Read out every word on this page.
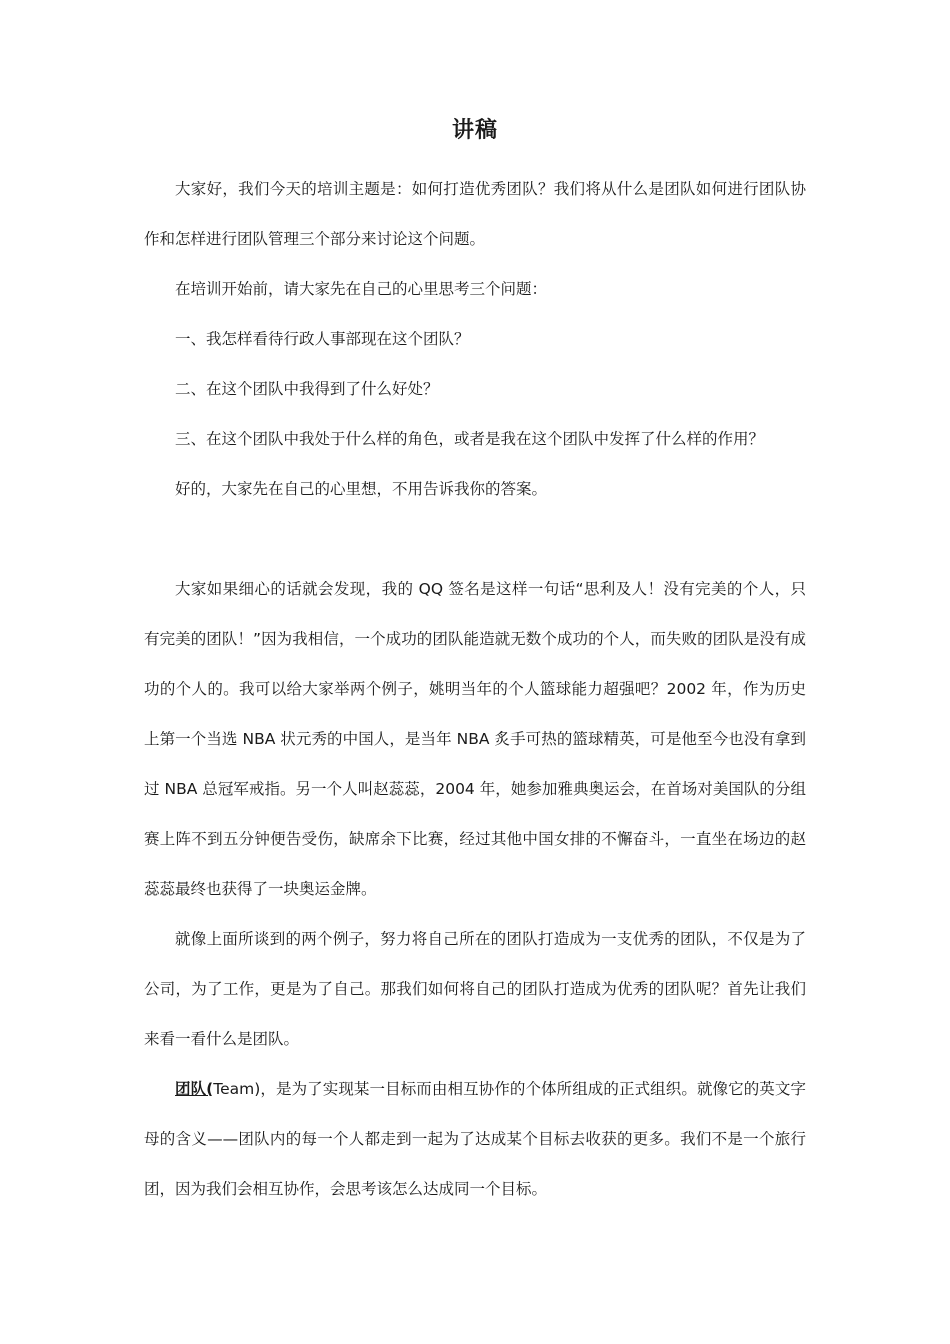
讲稿

大家好，我们今天的培训主题是：如何打造优秀团队？我们将从什么是团队如何进行团队协作和怎样进行团队管理三个部分来讨论这个问题。

在培训开始前，请大家先在自己的心里思考三个问题：

一、我怎样看待行政人事部现在这个团队？

二、在这个团队中我得到了什么好处？

三、在这个团队中我处于什么样的角色，或者是我在这个团队中发挥了什么样的作用？

好的，大家先在自己的心里想，不用告诉我你的答案。

大家如果细心的话就会发现，我的 QQ 签名是这样一句话“思利及人！没有完美的个人，只有完美的团队！”因为我相信，一个成功的团队能造就无数个成功的个人，而失败的团队是没有成功的个人的。我可以给大家举两个例子，姚明当年的个人篮球能力超强吧？2002 年，作为历史上第一个当选 NBA 状元秀的中国人，是当年 NBA 炙手可热的篮球精英，可是他至今也没有拿到过 NBA 总冠军戒指。另一个人叫赵蕊蕊，2004 年，她参加雅典奥运会，在首场对美国队的分组赛上阵不到五分钟便告受伤，缺席余下比赛，经过其他中国女排的不懈奋斗，一直坐在场边的赵蕊蕊最终也获得了一块奥运金牌。

就像上面所谈到的两个例子，努力将自己所在的团队打造成为一支优秀的团队，不仅是为了公司，为了工作，更是为了自己。那我们如何将自己的团队打造成为优秀的团队呢？首先让我们来看一看什么是团队。

团队(Team)，是为了实现某一目标而由相互协作的个体所组成的正式组织。就像它的英文字母的含义——团队内的每一个人都走到一起为了达成某个目标去收获的更多。我们不是一个旅行团，因为我们会相互协作，会思考该怎么达成同一个目标。
